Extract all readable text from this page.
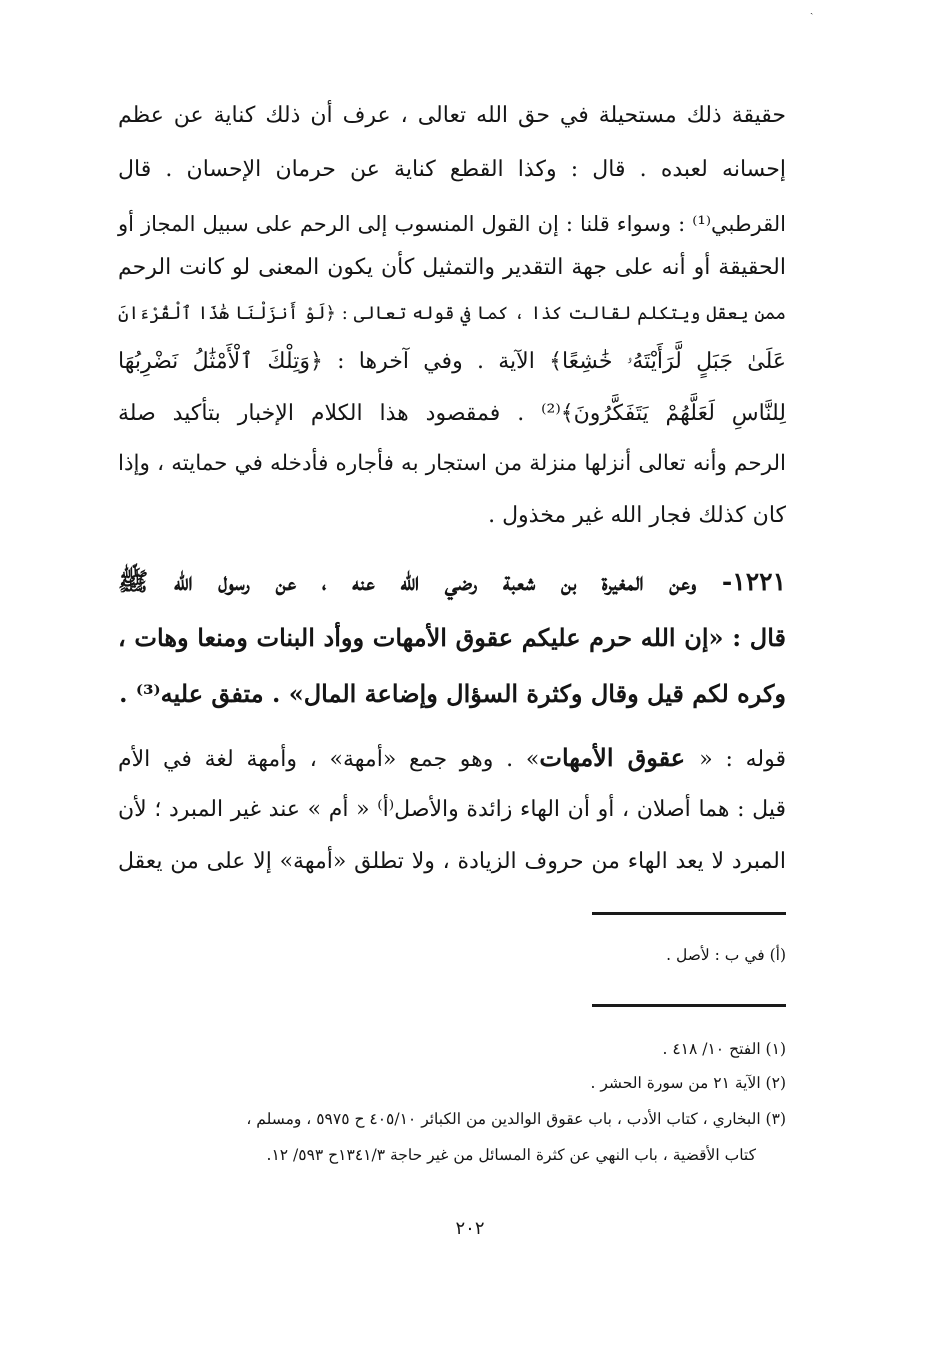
ˎ
حقيقة ذلك مستحيلة في حق الله تعالى ، عرف أن ذلك كناية عن عظم
إحسانه لعبده . قال : وكذا القطع كناية عن حرمان الإحسان . قال
القرطبي⁽¹⁾ : وسواء قلنا : إن القول المنسوب إلى الرحم على سبيل المجاز أو
الحقيقة أو أنه على جهة التقدير والتمثيل كأن يكون المعنى لو كانت الرحم
ممن يعقل ويتكلم لقالت كذا ، كما في قوله تعالى : ﴿لَوْ أَنزَلْنَا هَٰذَا ٱلْقُرْءَانَ
عَلَىٰ جَبَلٍ لَّرَأَيْتَهُۥ خَٰشِعًا﴾ الآية . وفي آخرها : ﴿وَتِلْكَ ٱلْأَمْثَٰلُ نَضْرِبُهَا
لِلنَّاسِ لَعَلَّهُمْ يَتَفَكَّرُونَ﴾⁽²⁾ . فمقصود هذا الكلام الإخبار بتأكيد صلة
الرحم وأنه تعالى أنزلها منزلة من استجار به فأجاره فأدخله في حمايته ، وإذا
كان كذلك فجار الله غير مخذول .
١٢٢١- وعن المغيرة بن شعبة رضي الله عنه ، عن رسول الله ﷺ
قال : «إن الله حرم عليكم عقوق الأمهات ووأد البنات ومنعا وهات ،
وكره لكم قيل وقال وكثرة السؤال وإضاعة المال» . متفق عليه⁽³⁾ .
قوله : « عقوق الأمهات» . وهو جمع «أمهة» ، وأمهة لغة في الأم
قيل : هما أصلان ، أو أن الهاء زائدة والأصل⁽أ⁾ « أم » عند غير المبرد ؛ لأن
المبرد لا يعد الهاء من حروف الزيادة ، ولا تطلق «أمهة» إلا على من يعقل
(أ) في ب : لأصل .
(١) الفتح ١٠/ ٤١٨ .
(٢) الآية ٢١ من سورة الحشر .
(٣) البخاري ، كتاب الأدب ، باب عقوق الوالدين من الكبائر ٤٠٥/١٠ ح ٥٩٧٥ ، ومسلم ،
كتاب الأقضية ، باب النهي عن كثرة المسائل من غير حاجة ١٣٤١/٣ح ٥٩٣/ ١٢.
٢٠٢
